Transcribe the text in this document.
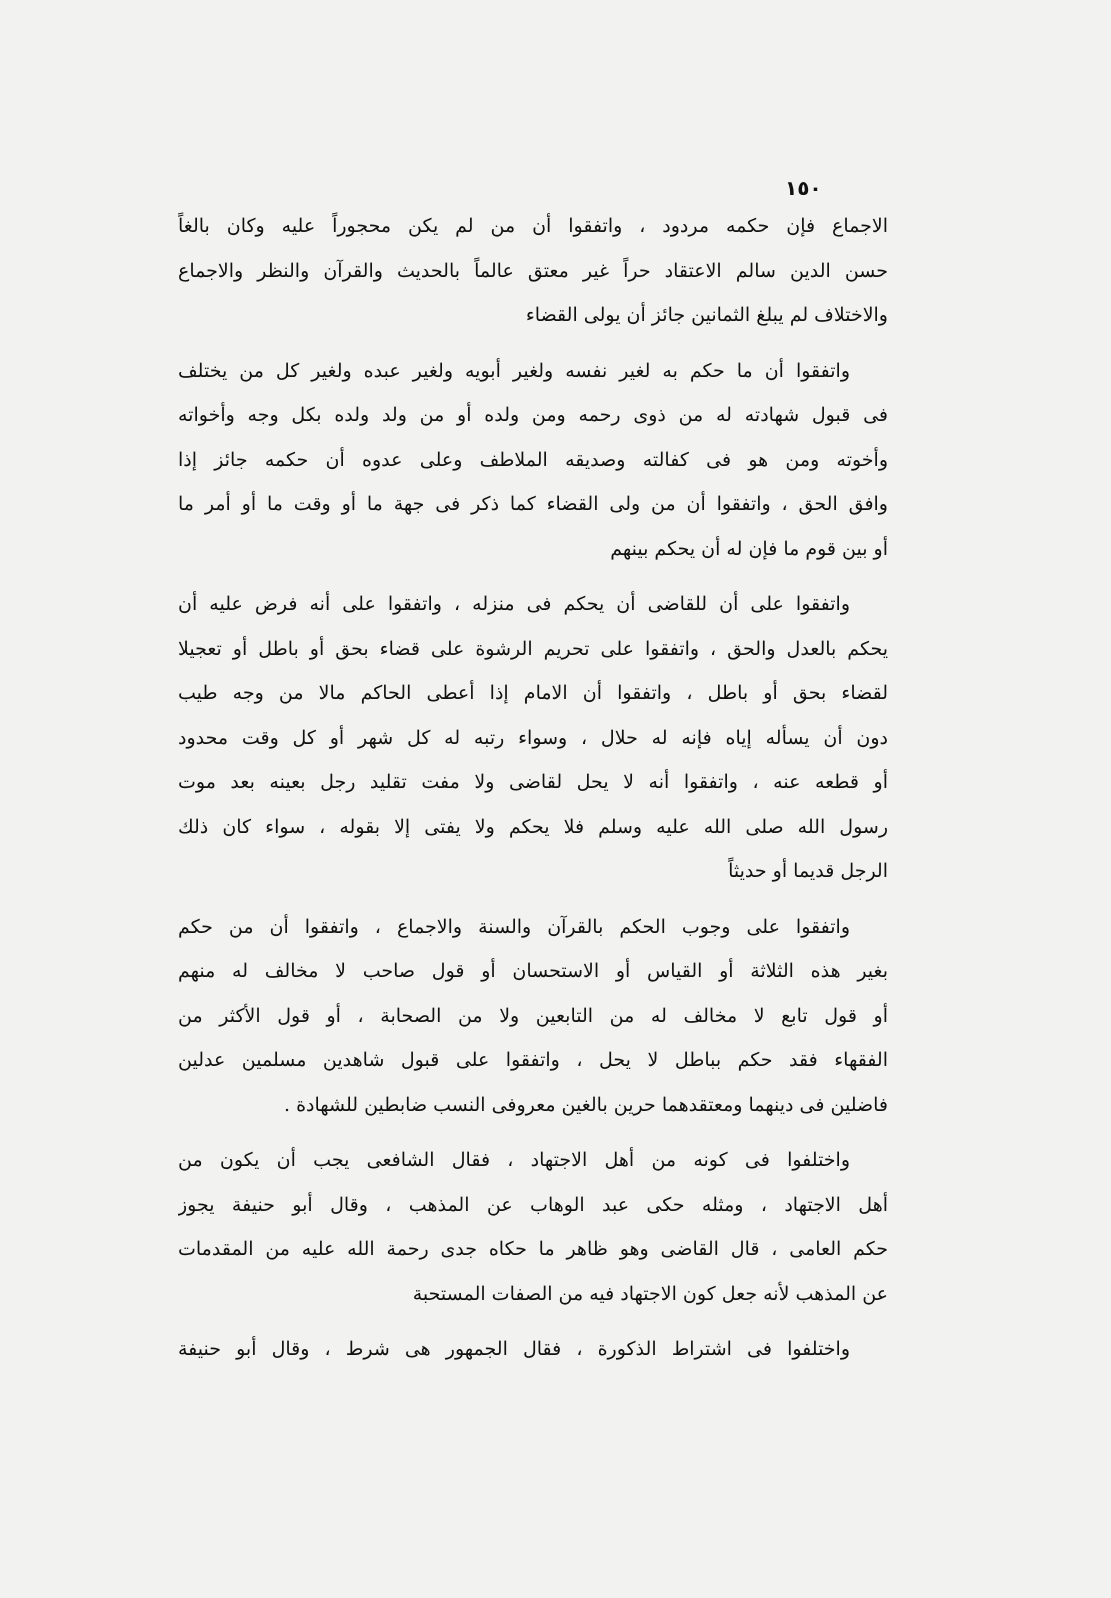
١٥٠
الاجماع فإن حكمه مردود ، واتفقوا أن من لم يكن محجوراً عليه وكان بالغاً
حسن الدين سالم الاعتقاد حراً غير معتق عالماً بالحديث والقرآن والنظر والاجماع
والاختلاف لم يبلغ الثمانين جائز أن يولى القضاء
واتفقوا أن ما حكم به لغير نفسه ولغير أبويه ولغير عبده ولغير كل من يختلف
فى قبول شهادته له من ذوى رحمه ومن ولده أو من ولد ولده بكل وجه وأخواته
وأخوته ومن هو فى كفالته وصديقه الملاطف وعلى عدوه أن حكمه جائز إذا
وافق الحق ، واتفقوا أن من ولى القضاء كما ذكر فى جهة ما أو وقت ما أو أمر ما
أو بين قوم ما فإن له أن يحكم بينهم
واتفقوا على أن للقاضى أن يحكم فى منزله ، واتفقوا على أنه فرض عليه أن
يحكم بالعدل والحق ، واتفقوا على تحريم الرشوة على قضاء بحق أو باطل أو تعجيلا
لقضاء بحق أو باطل ، واتفقوا أن الامام إذا أعطى الحاكم مالا من وجه طيب
دون أن يسأله إياه فإنه له حلال ، وسواء رتبه له كل شهر أو كل وقت محدود
أو قطعه عنه ، واتفقوا أنه لا يحل لقاضى ولا مفت تقليد رجل بعينه بعد موت
رسول الله صلى الله عليه وسلم فلا يحكم ولا يفتى إلا بقوله ، سواء كان ذلك
الرجل قديما أو حديثاً
واتفقوا على وجوب الحكم بالقرآن والسنة والاجماع ، واتفقوا أن من حكم
بغير هذه الثلاثة أو القياس أو الاستحسان أو قول صاحب لا مخالف له منهم
أو قول تابع لا مخالف له من التابعين ولا من الصحابة ، أو قول الأكثر من
الفقهاء فقد حكم بباطل لا يحل ، واتفقوا على قبول شاهدين مسلمين عدلين
فاضلين فى دينهما ومعتقدهما حرين بالغين معروفى النسب ضابطين للشهادة .
واختلفوا فى كونه من أهل الاجتهاد ، فقال الشافعى يجب أن يكون من
أهل الاجتهاد ، ومثله حكى عبد الوهاب عن المذهب ، وقال أبو حنيفة يجوز
حكم العامى ، قال القاضى وهو ظاهر ما حكاه جدى رحمة الله عليه من المقدمات
عن المذهب لأنه جعل كون الاجتهاد فيه من الصفات المستحبة
واختلفوا فى اشتراط الذكورة ، فقال الجمهور هى شرط ، وقال أبو حنيفة
